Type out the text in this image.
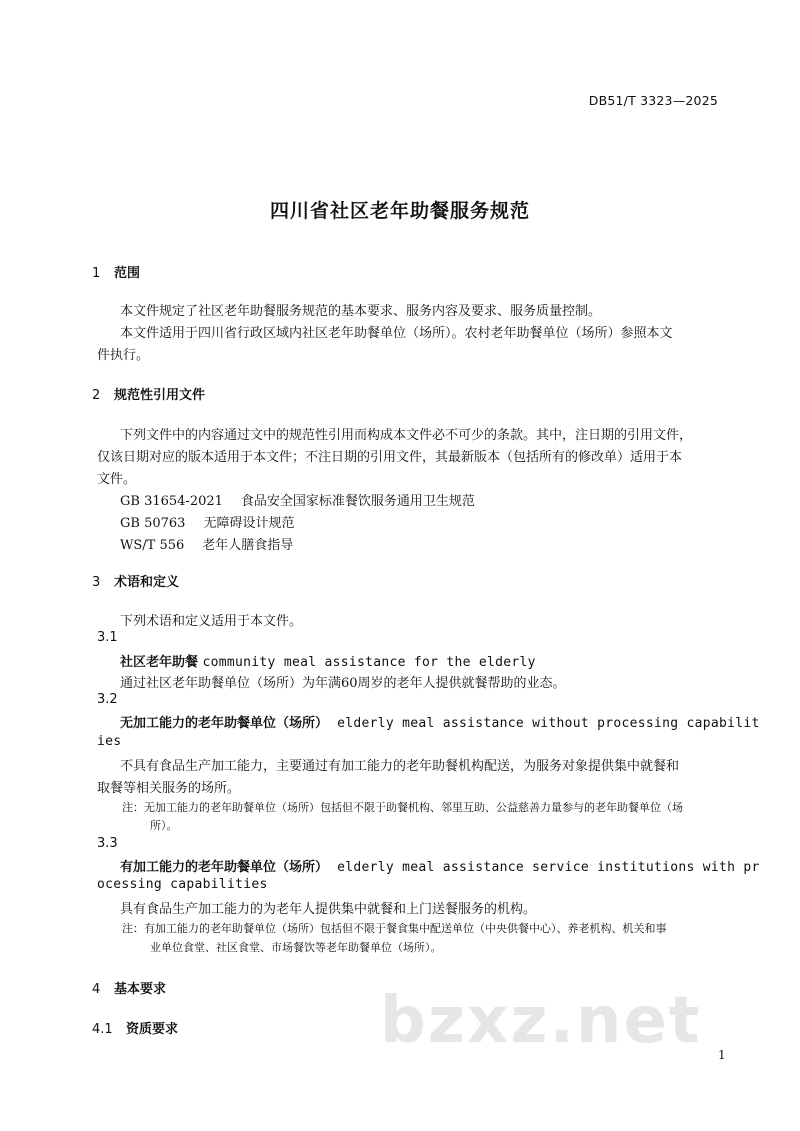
DB51/T 3323—2025
四川省社区老年助餐服务规范
1 范围
本文件规定了社区老年助餐服务规范的基本要求、服务内容及要求、服务质量控制。
本文件适用于四川省行政区域内社区老年助餐单位（场所）。农村老年助餐单位（场所）参照本文
件执行。
2 规范性引用文件
下列文件中的内容通过文中的规范性引用而构成本文件必不可少的条款。其中，注日期的引用文件，
仅该日期对应的版本适用于本文件；不注日期的引用文件，其最新版本（包括所有的修改单）适用于本
文件。
GB 31654-2021 食品安全国家标准餐饮服务通用卫生规范
GB 50763 无障碍设计规范
WS/T 556 老年人膳食指导
3 术语和定义
下列术语和定义适用于本文件。
3.1
社区老年助餐 community meal assistance for the elderly
通过社区老年助餐单位（场所）为年满60周岁的老年人提供就餐帮助的业态。
3.2
无加工能力的老年助餐单位（场所） elderly meal assistance without processing capabilit
ies
不具有食品生产加工能力，主要通过有加工能力的老年助餐机构配送，为服务对象提供集中就餐和
取餐等相关服务的场所。
注：无加工能力的老年助餐单位（场所）包括但不限于助餐机构、邻里互助、公益慈善力量参与的老年助餐单位（场
所）。
3.3
有加工能力的老年助餐单位（场所） elderly meal assistance service institutions with pr
ocessing capabilities
具有食品生产加工能力的为老年人提供集中就餐和上门送餐服务的机构。
注：有加工能力的老年助餐单位（场所）包括但不限于餐食集中配送单位（中央供餐中心）、养老机构、机关和事
业单位食堂、社区食堂、市场餐饮等老年助餐单位（场所）。
4 基本要求
4.1 资质要求	bzxz.net 1
